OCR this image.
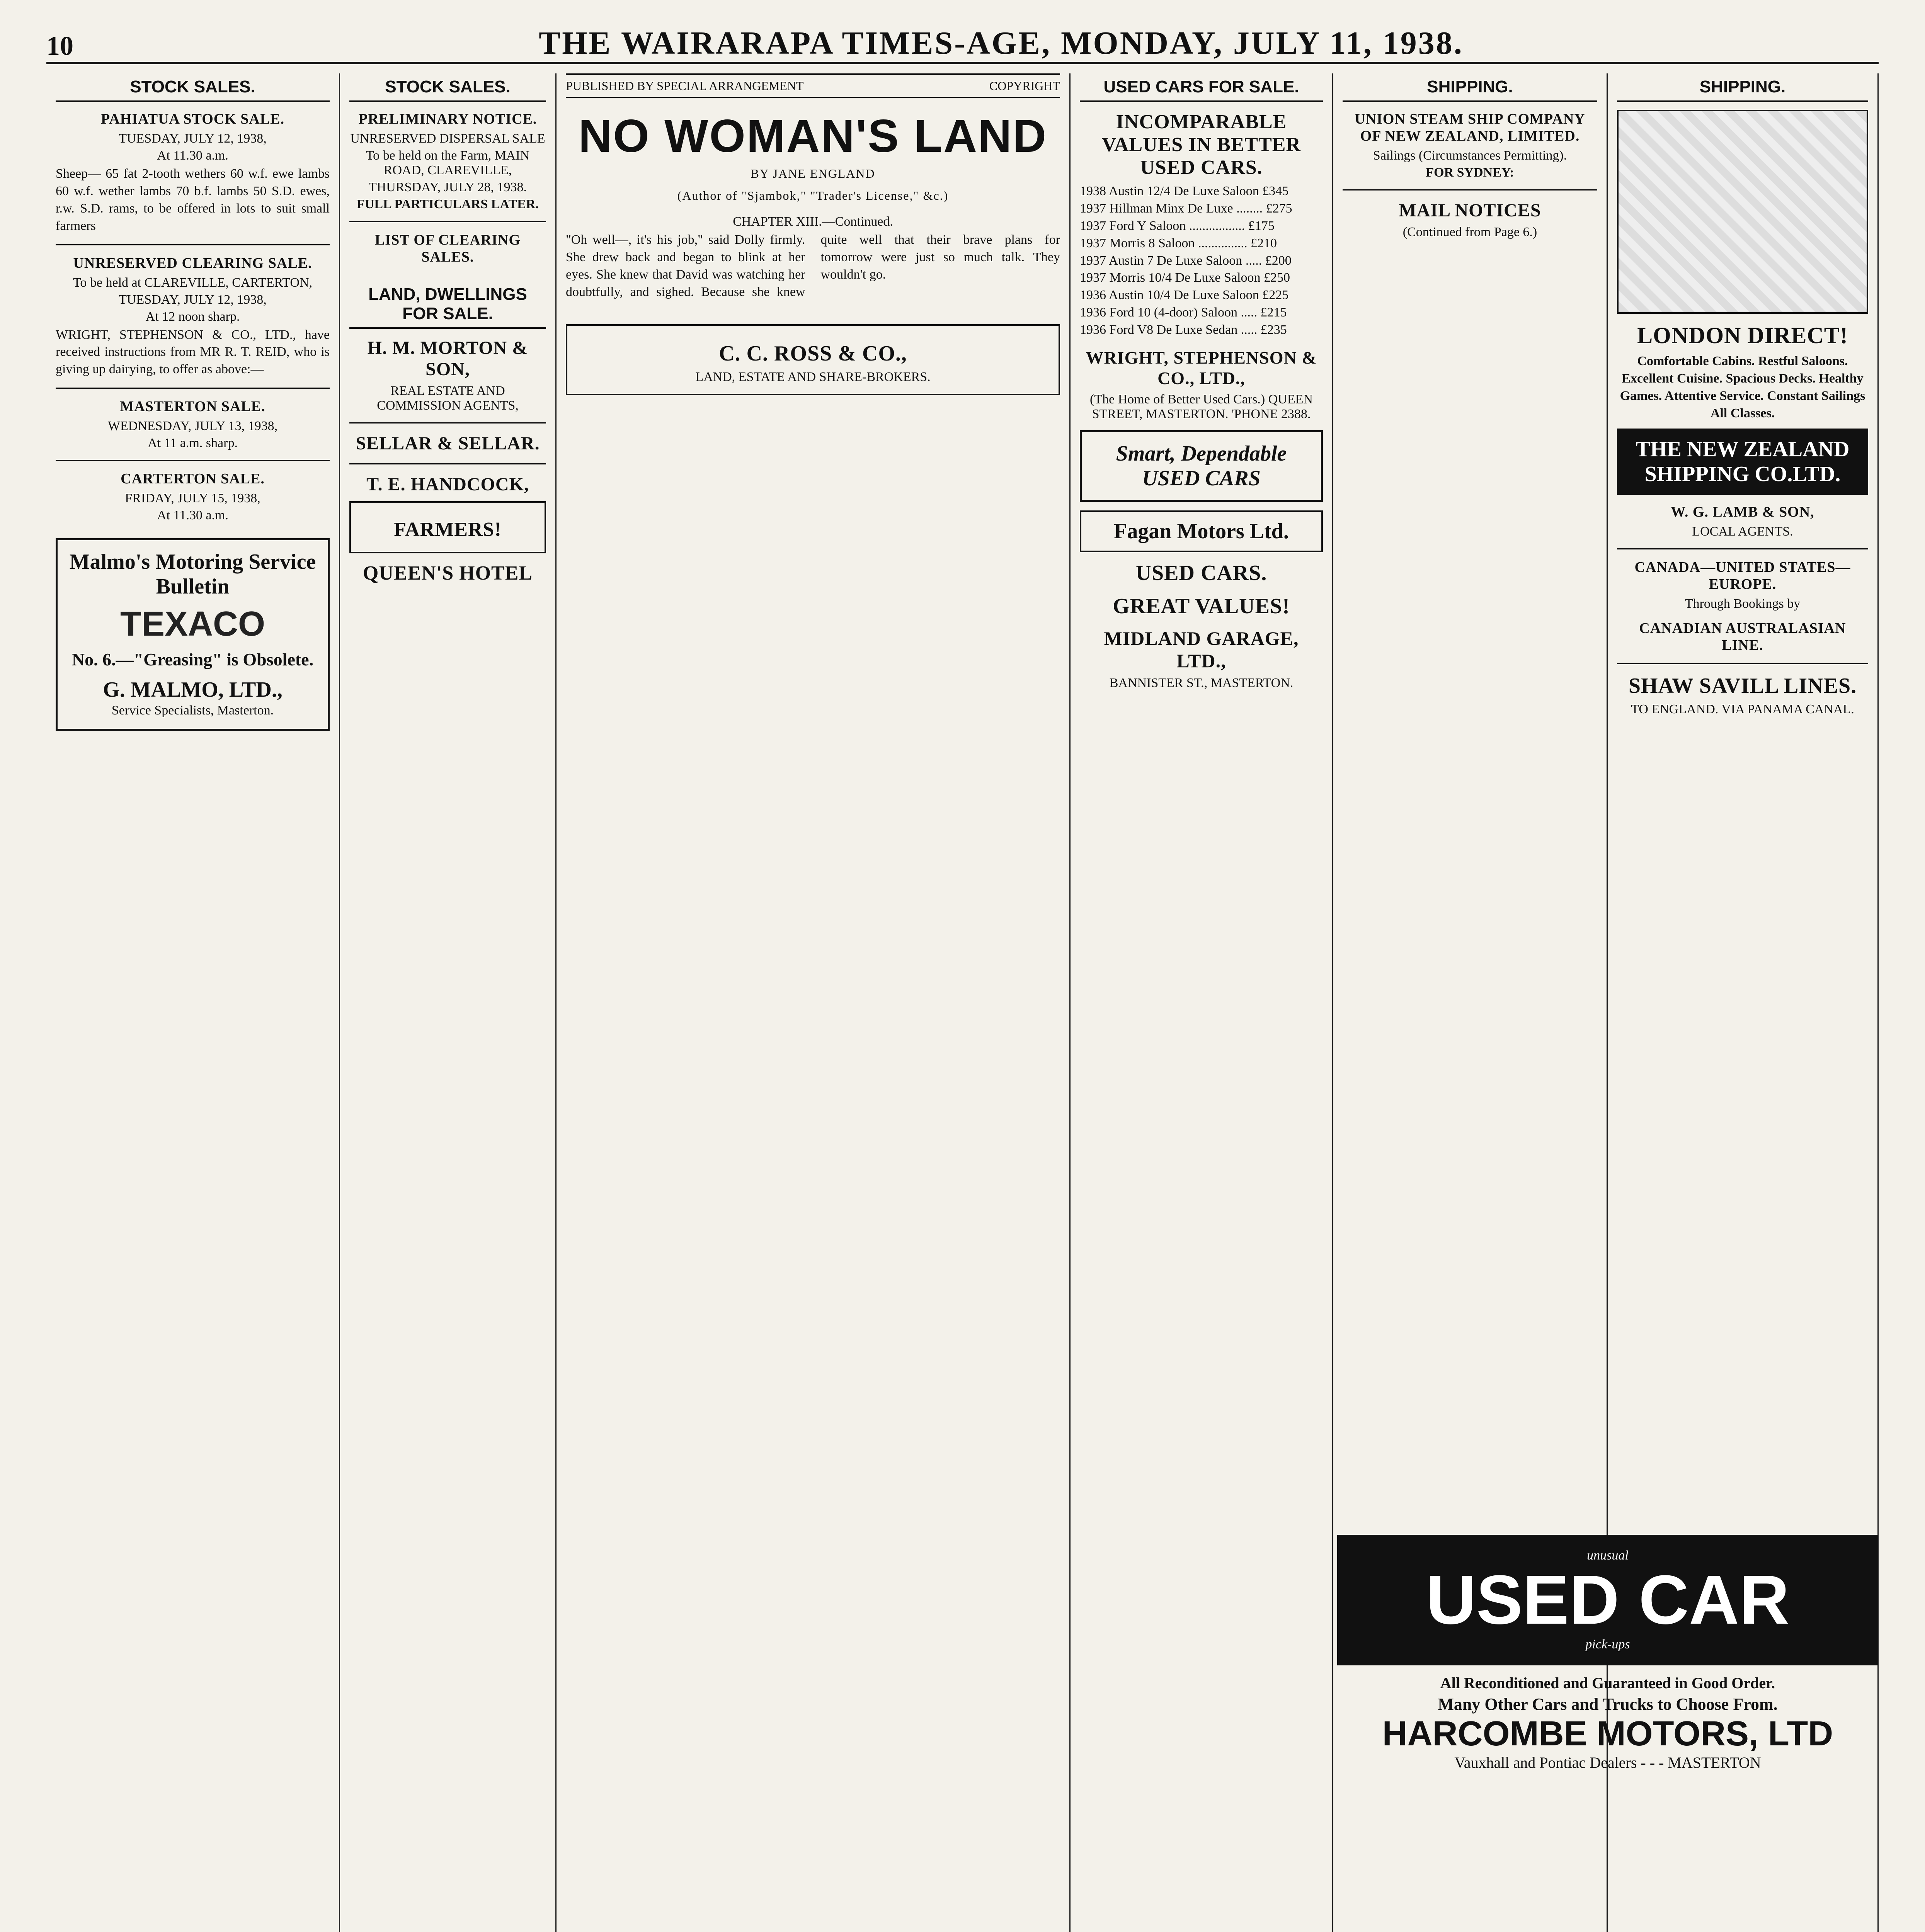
10	THE WAIRARAPA TIMES-AGE, MONDAY, JULY 11, 1938.
STOCK SALES.
PAHIATUA STOCK SALE.
TUESDAY, JULY 12, 1938,
At 11.30 a.m.
Sheep— 65 fat 2-tooth wethers 60 w.f. ewe lambs 60 w.f. wether lambs 70 b.f. lambs 50 S.D. ewes, r.w. S.D. rams, to be offered in lots to suit small farmers
UNRESERVED CLEARING SALE.
To be held at CLAREVILLE, CARTERTON,
TUESDAY, JULY 12, 1938,
At 12 noon sharp.
WRIGHT, STEPHENSON & CO., LTD., have received instructions from MR R. T. REID, who is giving up dairying, to offer as above:—
MASTERTON SALE.
WEDNESDAY, JULY 13, 1938,
At 11 a.m. sharp.
CARTERTON SALE.
FRIDAY, JULY 15, 1938,
At 11.30 a.m.
Malmo's Motoring Service Bulletin
TEXACO
No. 6.—"Greasing" is Obsolete.
G. MALMO, LTD.,
Service Specialists, Masterton.
STOCK SALES.
PRELIMINARY NOTICE.
UNRESERVED DISPERSAL SALE
To be held on the Farm, MAIN ROAD, CLAREVILLE,
THURSDAY, JULY 28, 1938.
FULL PARTICULARS LATER.
LIST OF CLEARING SALES.
LAND, DWELLINGS FOR SALE.
H. M. MORTON & SON,
REAL ESTATE AND COMMISSION AGENTS,
SELLAR & SELLAR.
T. E. HANDCOCK,
FARMERS!
QUEEN'S HOTEL
PUBLISHED BY SPECIAL ARRANGEMENT	COPYRIGHT
NO WOMAN'S LAND
BY JANE ENGLAND
(Author of "Sjambok," "Trader's License," &c.)
CHAPTER XIII.—Continued.
"Oh well—, it's his job," said Dolly firmly. She drew back and began to blink at her eyes. She knew that David was watching her doubtfully, and sighed. Because she knew quite well that their brave plans for tomorrow were just so much talk. They wouldn't go.
C. C. ROSS & CO.,
LAND, ESTATE AND SHARE-BROKERS.
USED CARS FOR SALE.
INCOMPARABLE VALUES IN BETTER USED CARS.
1938 Austin 12/4 De Luxe Saloon £345
1937 Hillman Minx De Luxe ........ £275
1937 Ford Y Saloon ................. £175
1937 Morris 8 Saloon ............... £210
1937 Austin 7 De Luxe Saloon ..... £200
1937 Morris 10/4 De Luxe Saloon £250
1936 Austin 10/4 De Luxe Saloon £225
1936 Ford 10 (4-door) Saloon ..... £215
1936 Ford V8 De Luxe Sedan ..... £235
WRIGHT, STEPHENSON & CO., LTD.,
(The Home of Better Used Cars.) QUEEN STREET, MASTERTON. 'PHONE 2388.
Smart, Dependable USED CARS
Fagan Motors Ltd.
USED CARS.
GREAT VALUES!
MIDLAND GARAGE, LTD.,
BANNISTER ST., MASTERTON.
SHIPPING.
UNION STEAM SHIP COMPANY OF NEW ZEALAND, LIMITED.
Sailings (Circumstances Permitting).
FOR SYDNEY:
MAIL NOTICES
(Continued from Page 6.)
SHIPPING.
LONDON DIRECT!
Comfortable Cabins. Restful Saloons. Excellent Cuisine. Spacious Decks. Healthy Games. Attentive Service. Constant Sailings All Classes.
THE NEW ZEALAND SHIPPING CO.LTD.
W. G. LAMB & SON,
LOCAL AGENTS.
CANADA—UNITED STATES—EUROPE.
Through Bookings by
CANADIAN AUSTRALASIAN LINE.
SHAW SAVILL LINES.
TO ENGLAND. VIA PANAMA CANAL.
unusual
USED CAR
pick-ups
All Reconditioned and Guaranteed in Good Order.
Many Other Cars and Trucks to Choose From.
HARCOMBE MOTORS, LTD
Vauxhall and Pontiac Dealers - - - MASTERTON
